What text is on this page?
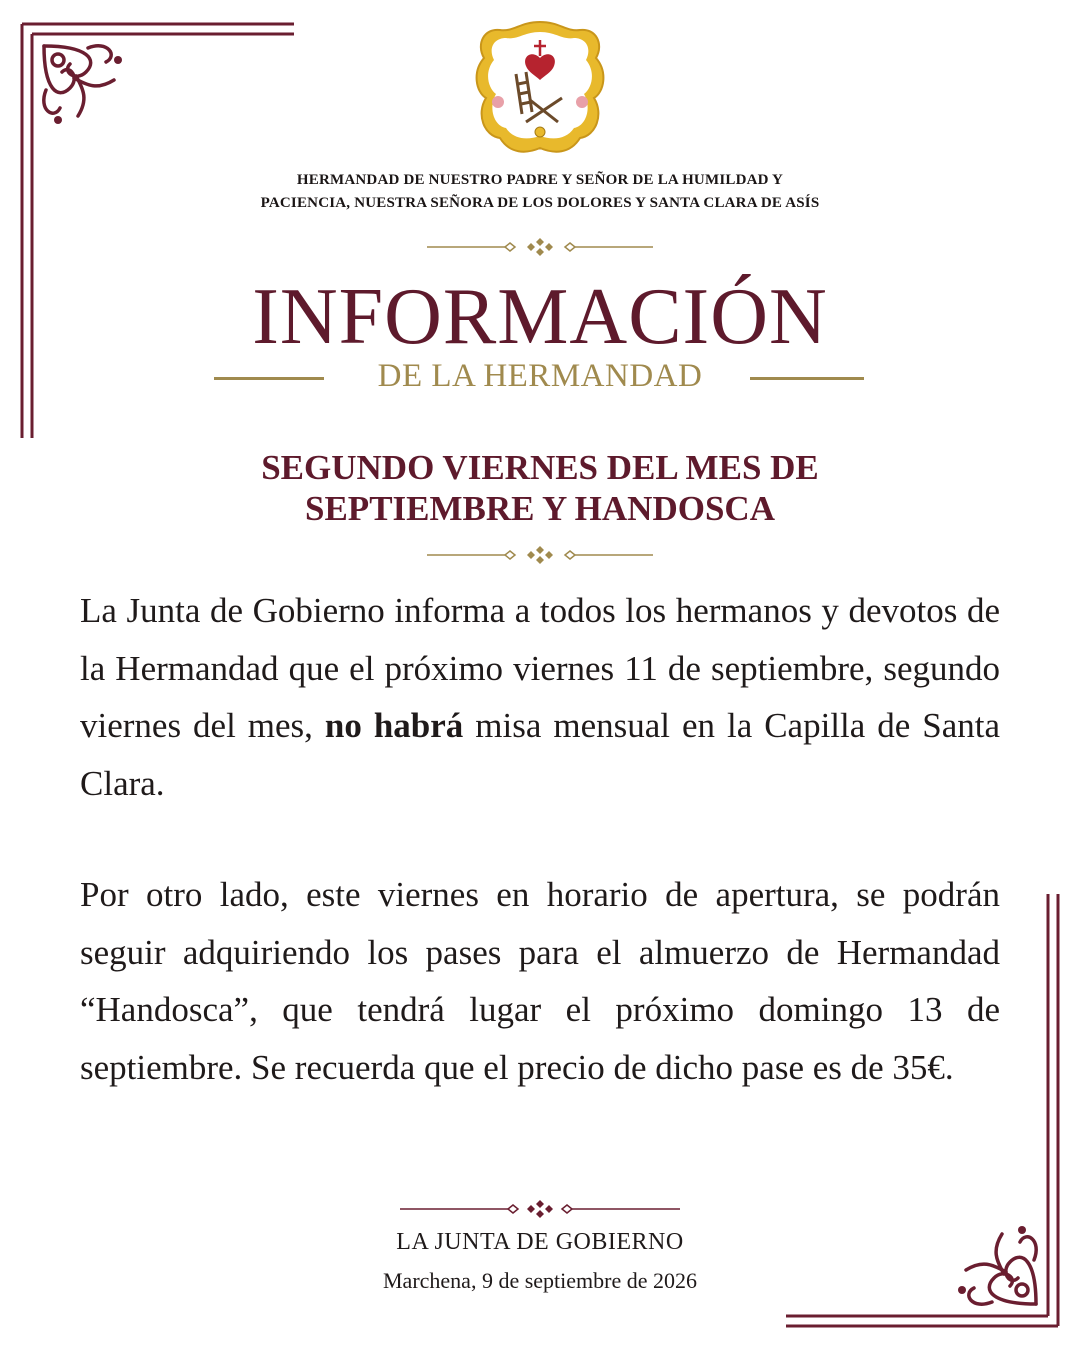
HERMANDAD DE NUESTRO PADRE Y SEÑOR DE LA HUMILDAD Y
PACIENCIA, NUESTRA SEÑORA DE LOS DOLORES Y SANTA CLARA DE ASÍS
INFORMACIÓN
DE LA HERMANDAD
SEGUNDO VIERNES DEL MES DE
SEPTIEMBRE Y HANDOSCA
La Junta de Gobierno informa a todos los hermanos y devotos de la Hermandad que el próximo viernes 11 de septiembre, segundo viernes del mes, no habrá misa mensual en la Capilla de Santa Clara.
Por otro lado, este viernes en horario de apertura, se podrán seguir adquiriendo los pases para el almuerzo de Hermandad “Handosca”, que tendrá lugar el próximo domingo 13 de septiembre. Se recuerda que el precio de dicho pase es de 35€.
LA JUNTA DE GOBIERNO
Marchena, 9 de septiembre de 2026
